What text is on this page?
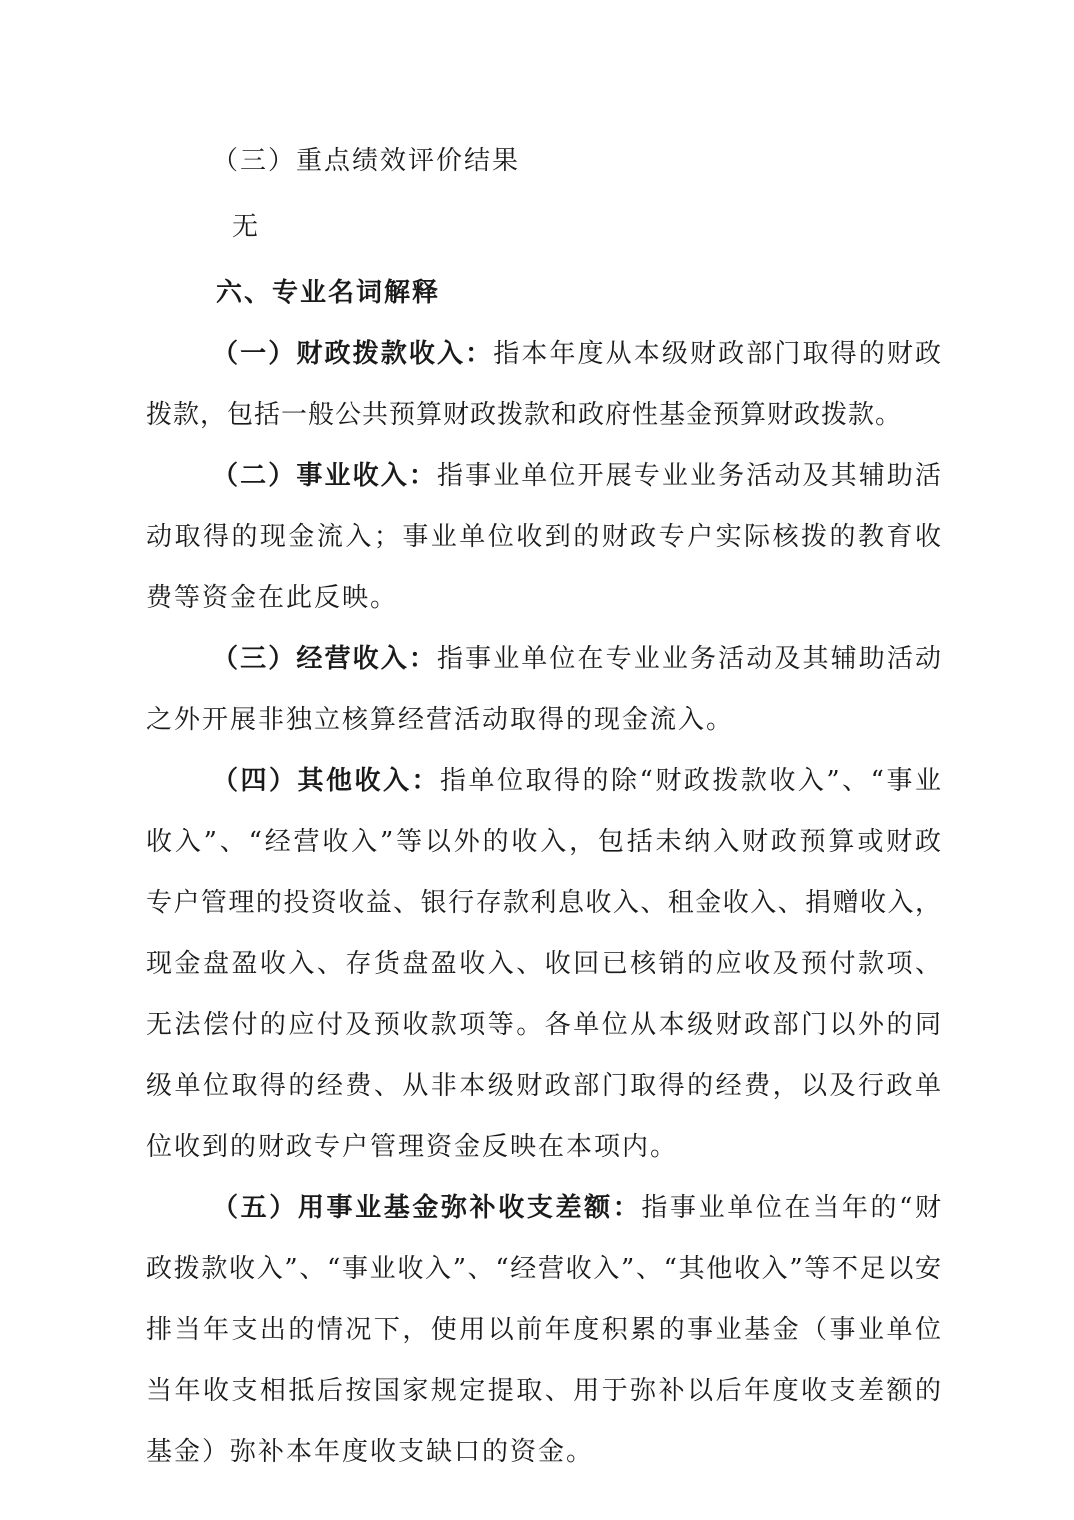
（三）重点绩效评价结果
无
六、专业名词解释
（一）财政拨款收入：指本年度从本级财政部门取得的财政
拨款，包括一般公共预算财政拨款和政府性基金预算财政拨款。
（二）事业收入：指事业单位开展专业业务活动及其辅助活
动取得的现金流入；事业单位收到的财政专户实际核拨的教育收
费等资金在此反映。
（三）经营收入：指事业单位在专业业务活动及其辅助活动
之外开展非独立核算经营活动取得的现金流入。
（四）其他收入：指单位取得的除“财政拨款收入”、“事业
收入”、“经营收入”等以外的收入，包括未纳入财政预算或财政
专户管理的投资收益、银行存款利息收入、租金收入、捐赠收入，
现金盘盈收入、存货盘盈收入、收回已核销的应收及预付款项、
无法偿付的应付及预收款项等。各单位从本级财政部门以外的同
级单位取得的经费、从非本级财政部门取得的经费，以及行政单
位收到的财政专户管理资金反映在本项内。
（五）用事业基金弥补收支差额：指事业单位在当年的“财
政拨款收入”、“事业收入”、“经营收入”、“其他收入”等不足以安
排当年支出的情况下，使用以前年度积累的事业基金（事业单位
当年收支相抵后按国家规定提取、用于弥补以后年度收支差额的
基金）弥补本年度收支缺口的资金。
